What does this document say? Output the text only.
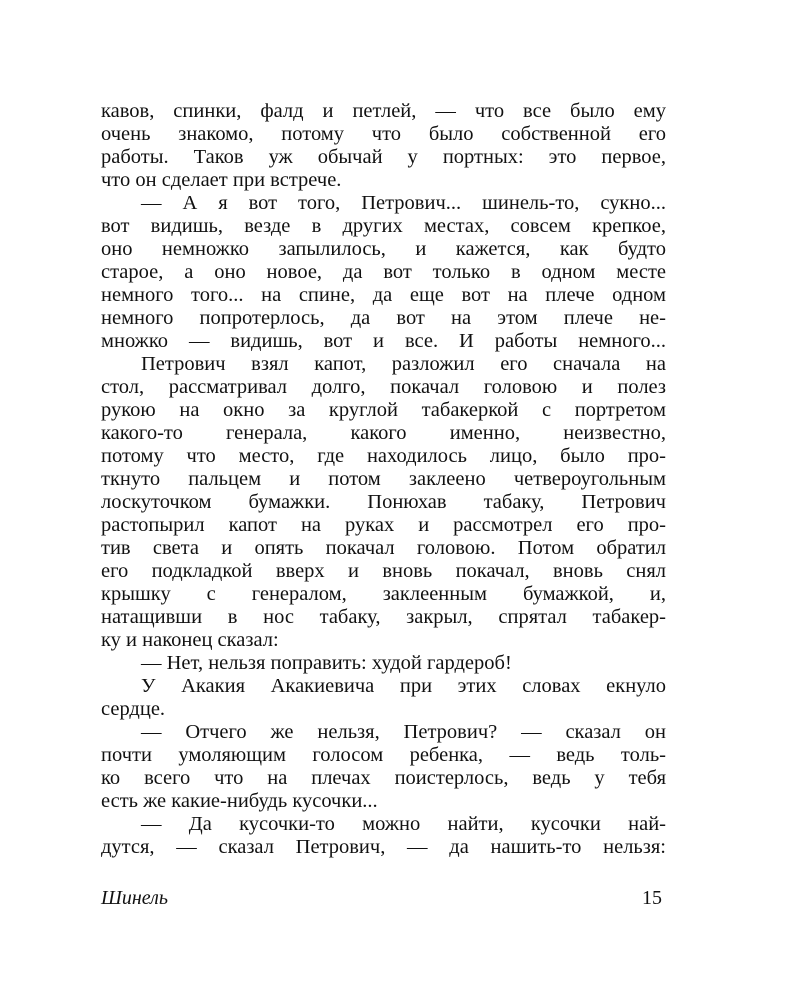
кавов, спинки, фалд и петлей, — что все было ему
очень знакомо, потому что было собственной его
работы. Таков уж обычай у портных: это первое,
что он сделает при встрече.
— А я вот того, Петрович... шинель-то, сукно...
вот видишь, везде в других местах, совсем крепкое,
оно немножко запылилось, и кажется, как будто
старое, а оно новое, да вот только в одном месте
немного того... на спине, да еще вот на плече одном
немного попротерлось, да вот на этом плече не-
множко — видишь, вот и все. И работы немного...
Петрович взял капот, разложил его сначала на
стол, рассматривал долго, покачал головою и полез
рукою на окно за круглой табакеркой с портретом
какого-то генерала, какого именно, неизвестно,
потому что место, где находилось лицо, было про-
ткнуто пальцем и потом заклеено четвероугольным
лоскуточком бумажки. Понюхав табаку, Петрович
растопырил капот на руках и рассмотрел его про-
тив света и опять покачал головою. Потом обратил
его подкладкой вверх и вновь покачал, вновь снял
крышку с генералом, заклеенным бумажкой, и,
натащивши в нос табаку, закрыл, спрятал табакер-
ку и наконец сказал:
— Нет, нельзя поправить: худой гардероб!
У Акакия Акакиевича при этих словах екнуло
сердце.
— Отчего же нельзя, Петрович? — сказал он
почти умоляющим голосом ребенка, — ведь толь-
ко всего что на плечах поистерлось, ведь у тебя
есть же какие-нибудь кусочки...
— Да кусочки-то можно найти, кусочки най-
дутся, — сказал Петрович, — да нашить-то нельзя:
Шинель	15
